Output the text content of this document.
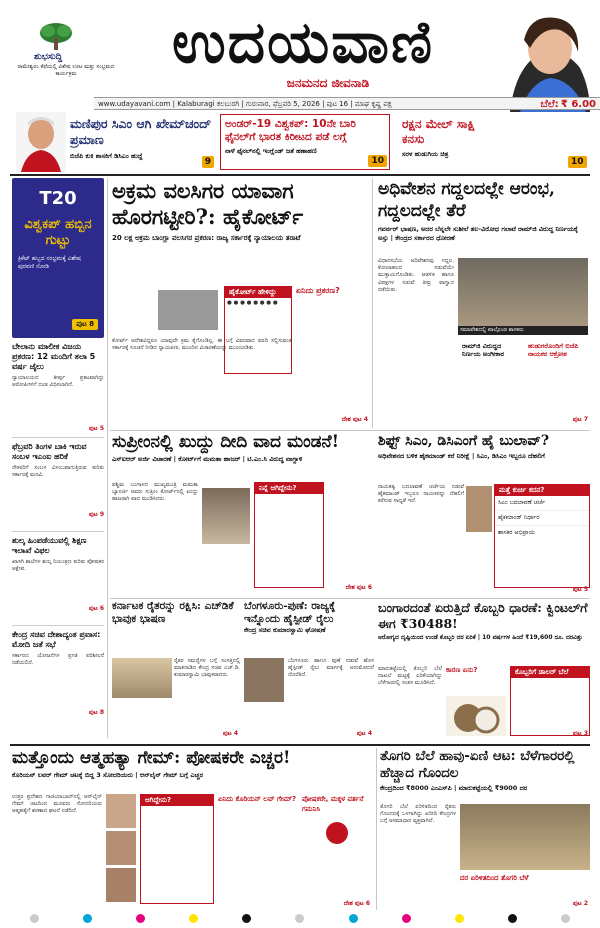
ಶುಭಸುದ್ದಿ
ರಾಮೇಶ್ವರಂ ಕೆಫೆಯಲ್ಲಿ ವಿಶೇಷ ಊಟ ಮತ್ತು ಸಂಭ್ರಮದ ಕಾರ್ಯಕ್ರಮ	ಉದಯವಾಣಿ
ಜನಮನದ ಜೀವನಾಡಿ
www.udayavani.com | Kalaburagi ಕಲಬುರಗಿ | ಗುರುವಾರ, ಫೆಬ್ರವರಿ 5, 2026 | ಪುಟ 16 | ಮಾಘ ಕೃಷ್ಣ ಪಕ್ಷ	ಬೆಲೆ: ₹ 6.00
ಮಣಿಪುರ ಸಿಎಂ ಆಗಿ ಖೇಮ್‌ಚಂದ್ ಪ್ರಮಾಣ
ಬಿಜೆಪಿ ಕುಕಿ ಶಾಸಕಿಗೆ ಡಿಸಿಎಂ ಹುದ್ದೆ
9
ಅಂಡರ್‌-19 ವಿಶ್ವಕಪ್‌: 10ನೇ ಬಾರಿ ಫೈನಲ್‌ಗೆ ಭಾರತ ಕಿರೀಟದ ಪಡೆ ಲಗ್ಗೆ
ನಾಳೆ ಫೈನಲ್‌ನಲ್ಲಿ ಇಂಗ್ಲೆಂಡ್ ಜತೆ ಹಣಾಹಣಿ
10
ರಕ್ಷನ ಮೇಲ್ ಸಾಕ್ಷಿ ಕನಸು
ಸರಳ ಹುಡುಗಿಯ ಚಿತ್ರ
10
T20
ವಿಶ್ವಕಪ್ ಹಬ್ಬಿನ ಗುಟ್ಟು
ಕ್ರಿಕೆಟ್ ಹಬ್ಬದ ಸಂಭ್ರಮಕ್ಕೆ ವಿಶೇಷ ಪುರವಣಿ ನೋಡಿ
ಪುಟ 8
ಬೇಲಾನು ಮಾಲೀಕ ವಿಜಯ ಪ್ರಕರಣ: 12 ಮಂದಿಗೆ ತಲಾ 5 ವರ್ಷ ಜೈಲು
ನ್ಯಾಯಾಲಯದ ತೀರ್ಪು ಪ್ರಕಟವಾಗಿದ್ದು ಆರೋಪಿಗಳಿಗೆ ದಂಡ ವಿಧಿಸಲಾಗಿದೆ.
ಪುಟ 5
ಫೆಬ್ರವರಿ ತಿಂಗಳ ಬಾಕಿ ಇರುವ ಸಂಬಳ ಇಎಂಐ ಹರಿಕೆ
ನೌಕರರಿಗೆ ಸಂಬಳ ವಿಳಂಬವಾಗುತ್ತಿರುವ ಕುರಿತು ಸರ್ಕಾರಕ್ಕೆ ಮನವಿ.
ಪುಟ 9
ಶುಲ್ಕ ಹಿಂಪಡೆಯುವಲ್ಲಿ ಶಿಕ್ಷಣ ಇಲಾಖೆ ವಿಫಲ
ಖಾಸಗಿ ಶಾಲೆಗಳ ಶುಲ್ಕ ನಿಯಂತ್ರಣ ಕುರಿತು ಪೋಷಕರ ಆಕ್ಷೇಪ.
ಪುಟ 6
ಕೇಂದ್ರ ಸಚಿವ ದೇಶಾದ್ಯಂತ ಪ್ರವಾಸ: ಮೋದಿ ಜತೆ ಸಭೆ
ಸರ್ಕಾರದ ಯೋಜನೆಗಳ ಪ್ರಗತಿ ಪರಿಶೀಲನೆ ನಡೆಯಲಿದೆ.
ಪುಟ 8
ಅಕ್ರಮ ವಲಸಿಗರ ಯಾವಾಗ ಹೊರಗಟ್ಟೀರಿ?: ಹೈಕೋರ್ಟ್
20 ಲಕ್ಷ ಅಕ್ರಮ ಬಾಂಗ್ಲಾ ವಲಸಿಗರ ಪ್ರಕರಣ: ರಾಜ್ಯ ಸರ್ಕಾರಕ್ಕೆ ನ್ಯಾಯಾಲಯ ತರಾಟೆ
ಹೈಕೋರ್ಟ್ ಹೇಳಿದ್ದು
● ● ● ● ● ● ● ●
ಏನಿದು ಪ್ರಕರಣ?
ಕೋರ್ಟ್‌ ಆದೇಶವಿದ್ದರೂ ಯಾವುದೇ ಕ್ರಮ ಕೈಗೊಂಡಿಲ್ಲ. ಈ ಬಗ್ಗೆ ವಿವರವಾದ ವರದಿ ಸಲ್ಲಿಸುವಂತೆ ಸರ್ಕಾರಕ್ಕೆ ಸೂಚನೆ ನೀಡಿದ ನ್ಯಾಯಪೀಠ, ಮುಂದಿನ ವಿಚಾರಣೆಯನ್ನು ಮುಂದೂಡಿತು.
ದೇಶ ಪುಟ 4
ಅಧಿವೇಶನ ಗದ್ದಲದಲ್ಲೇ ಆರಂಭ, ಗದ್ದಲದಲ್ಲೇ ತೆರೆ
ಗವರ್ನರ್ ಭಾಷಣ, ಅದರ ಬೆನ್ನಲೇ ಸುಶೀಲೆ ತಲ-ವಿರೋಧ ಗಲಾಟೆ ರಾಮ್‌ಜಿ ವಿರುದ್ಧ ನಿರ್ಣಯಕ್ಕೆ ಅಸ್ತು | ಕೇಂದ್ರದ ಸರ್ಕಾರದ ಧೋರಣೆ
ಸಮಾವೇಶದಲ್ಲಿ ಪಾಲ್ಗೊಂಡ ಶಾಸಕರು
ವಿಧಾನಸಭೆಯ ಅಧಿವೇಶನವು ಗದ್ದಲ, ಕೋಲಾಹಲದ ನಡುವೆಯೇ ಮುಕ್ತಾಯಗೊಂಡಿತು. ಆಡಳಿತ ಹಾಗೂ ವಿಪಕ್ಷಗಳ ನಡುವೆ ತೀವ್ರ ವಾಗ್ವಾದ ನಡೆಯಿತು.
ರಾಮ್‌ಜಿ ವಿರುದ್ಧದ ನಿರ್ಣಯ ಅಂಗೀಕಾರ
ಹುಡುಗರೊಂದಿಗೆ ಬಿಜೆಪಿ ನಾಯಕರ ಆಕ್ರೋಶ
ಪುಟ 7
ಸುಪ್ರೀಂನಲ್ಲಿ ಖುದ್ದು ದೀದಿ ವಾದ ಮಂಡನೆ!
ಎಸ್‌ಐಆರ್ ಅರ್ಜಿ ವಿಚಾರಣೆ | ಕೋರ್ಟ್‌ಗೆ ಮಮತಾ ಹಾಜರ್ | ಟಿ.ಎಂ.ಸಿ ವಿರುದ್ಧ ವಾಗ್ದಾಳಿ
ಪಶ್ಚಿಮ ಬಂಗಾಳದ ಮುಖ್ಯಮಂತ್ರಿ ಮಮತಾ ಬ್ಯಾನರ್ಜಿ ಅವರು ಸುಪ್ರೀಂ ಕೋರ್ಟ್‌ನಲ್ಲಿ ಖುದ್ದು ಹಾಜರಾಗಿ ವಾದ ಮಂಡಿಸಿದರು.
ನಿನ್ನೆ ಆಗಿದ್ದೇನು?
ದೇಶ ಪುಟ 6
ಶಿಫ್ಟ್ ಸಿಎಂ, ಡಿಸಿಎಂಗೆ ಹೈ ಬುಲಾವ್?
ಅಧಿವೇಶನದ ಬಳಿಕ ಹೈಕಮಾಂಡ್ ಕರೆ ನಿರೀಕ್ಷೆ | ಸಿಎಂ, ಡಿಸಿಎಂ ಇಬ್ಬರೂ ದೆಹಲಿಗೆ
ನಾಯಕತ್ವ ಬದಲಾವಣೆ ಚರ್ಚೆಯ ನಡುವೆ ಹೈಕಮಾಂಡ್ ಇಬ್ಬರೂ ನಾಯಕರನ್ನು ದೆಹಲಿಗೆ ಕರೆಸುವ ಸಾಧ್ಯತೆ ಇದೆ.
ಮತ್ತೆ ಕುರ್ಚಿ ಕದನ?
ಸಿಎಂ ಬದಲಾವಣೆ ಚರ್ಚೆ
ಹೈಕಮಾಂಡ್ ನಿರ್ಧಾರ
ಶಾಸಕರ ಅಭಿಪ್ರಾಯ
ಪುಟ 5
ಕರ್ನಾಟಕ ರೈತರನ್ನು ರಕ್ಷಿಸಿ: ಎಚ್‌ಡಿಕೆ ಭಾವುಕ ಭಾಷಣ
ರೈತರ ಸಮಸ್ಯೆಗಳ ಬಗ್ಗೆ ಸಂಸತ್ತಿನಲ್ಲಿ ಮಾತನಾಡಿದ ಕೇಂದ್ರ ಸಚಿವ ಎಚ್.ಡಿ. ಕುಮಾರಸ್ವಾಮಿ ಭಾವುಕರಾದರು.
ಪುಟ 4
ಬೆಂಗಳೂರು-ಪುಣೆ: ರಾಜ್ಯಕ್ಕೆ ಇನ್ನೊಂದು ಹೈಸ್ಪೀಡ್ ರೈಲು
ಕೇಂದ್ರ ಸಚಿವ ಕುಮಾರಸ್ವಾಮಿ ಘೋಷಣೆ
ಬೆಂಗಳೂರು ಹಾಗೂ ಪುಣೆ ನಡುವೆ ಹೊಸ ಹೈಸ್ಪೀಡ್ ರೈಲು ಮಾರ್ಗಕ್ಕೆ ಅನುಮೋದನೆ ದೊರೆತಿದೆ.
ಪುಟ 4
ಬಂಗಾರದಂತೆ ಏರುತ್ತಿದೆ ಕೊಬ್ಬರಿ ಧಾರಣೆ: ಕ್ವಿಂಟಲ್‌ಗೆ ಈಗ ₹30488!
ಆರೋಗ್ಯದ ದೃಷ್ಟಿಯಿಂದ ಉಂಡೆ ಕೊಬ್ಬರಿ ದರ ಏರಿಕೆ | 10 ವರ್ಷಗಳ ಹಿಂದೆ ₹19,600 ರೂ. ದರವಿತ್ತು
ಮಾರುಕಟ್ಟೆಯಲ್ಲಿ ಕೊಬ್ಬರಿ ಬೆಲೆ ದಾಖಲೆ ಮಟ್ಟಕ್ಕೆ ಏರಿಕೆಯಾಗಿದ್ದು ಬೆಳೆಗಾರರಲ್ಲಿ ಸಂತಸ ಮೂಡಿಸಿದೆ.
ಕಾರಣ ಏನು?	ಕೊಬ್ಬರಿಗೆ ಡಾಲರ್ ಬೆಲೆ
ಪುಟ 3
ಮತ್ತೊಂದು ಆತ್ಮಹತ್ಯಾ ಗೇಮ್: ಪೋಷಕರೇ ಎಚ್ಚರ!
ಕೊರಿಯನ್ ಲವರ್ ಗೇಮ್ ಚಟಕ್ಕೆ ಬಿದ್ದ 3 ಸೋದರಿಯರು | ಆನ್‌ಲೈನ್ ಗೇಮ್ ಬಗ್ಗೆ ಎಚ್ಚರ
ಉತ್ತರ ಪ್ರದೇಶದ ಗಾಜಿಯಾಬಾದ್‌ನಲ್ಲಿ ಆನ್‌ಲೈನ್ ಗೇಮ್ ಚಟದಿಂದ ಮೂವರು ಸೋದರಿಯರು ಆತ್ಮಹತ್ಯೆಗೆ ಶರಣಾದ ಘಟನೆ ನಡೆದಿದೆ.
ಆಗಿದ್ದೇನು?	ಏನಿದು ಕೊರಿಯನ್ ಲವ್ ಗೇಮ್? ಪೋಷಕರೇ, ಮಕ್ಕಳ ವರ್ತನೆ ಗಮನಿಸಿ
ದೇಶ ಪುಟ 6
ತೊಗರಿ ಬೆಲೆ ಹಾವು-ಏಣಿ ಆಟ: ಬೆಳೆಗಾರರಲ್ಲಿ ಹೆಚ್ಚಾದ ಗೊಂದಲ
ಕೇಂದ್ರದಿಂದ ₹8000 ಎಂಎಸ್‌ಪಿ | ಮಾರುಕಟ್ಟೆಯಲ್ಲಿ ₹9000 ದರ
ತೊಗರಿ ಬೆಲೆ ಏರಿಳಿತದಿಂದ ರೈತರು ಗೊಂದಲಕ್ಕೆ ಒಳಗಾಗಿದ್ದು ಖರೀದಿ ಕೇಂದ್ರಗಳ ಬಗ್ಗೆ ಅಸಮಾಧಾನ ವ್ಯಕ್ತವಾಗಿದೆ.
ದರ ಏರಿಳಿತದಿಂದ ತೊಗರಿ ಬೆಳೆ
ಪುಟ 2
